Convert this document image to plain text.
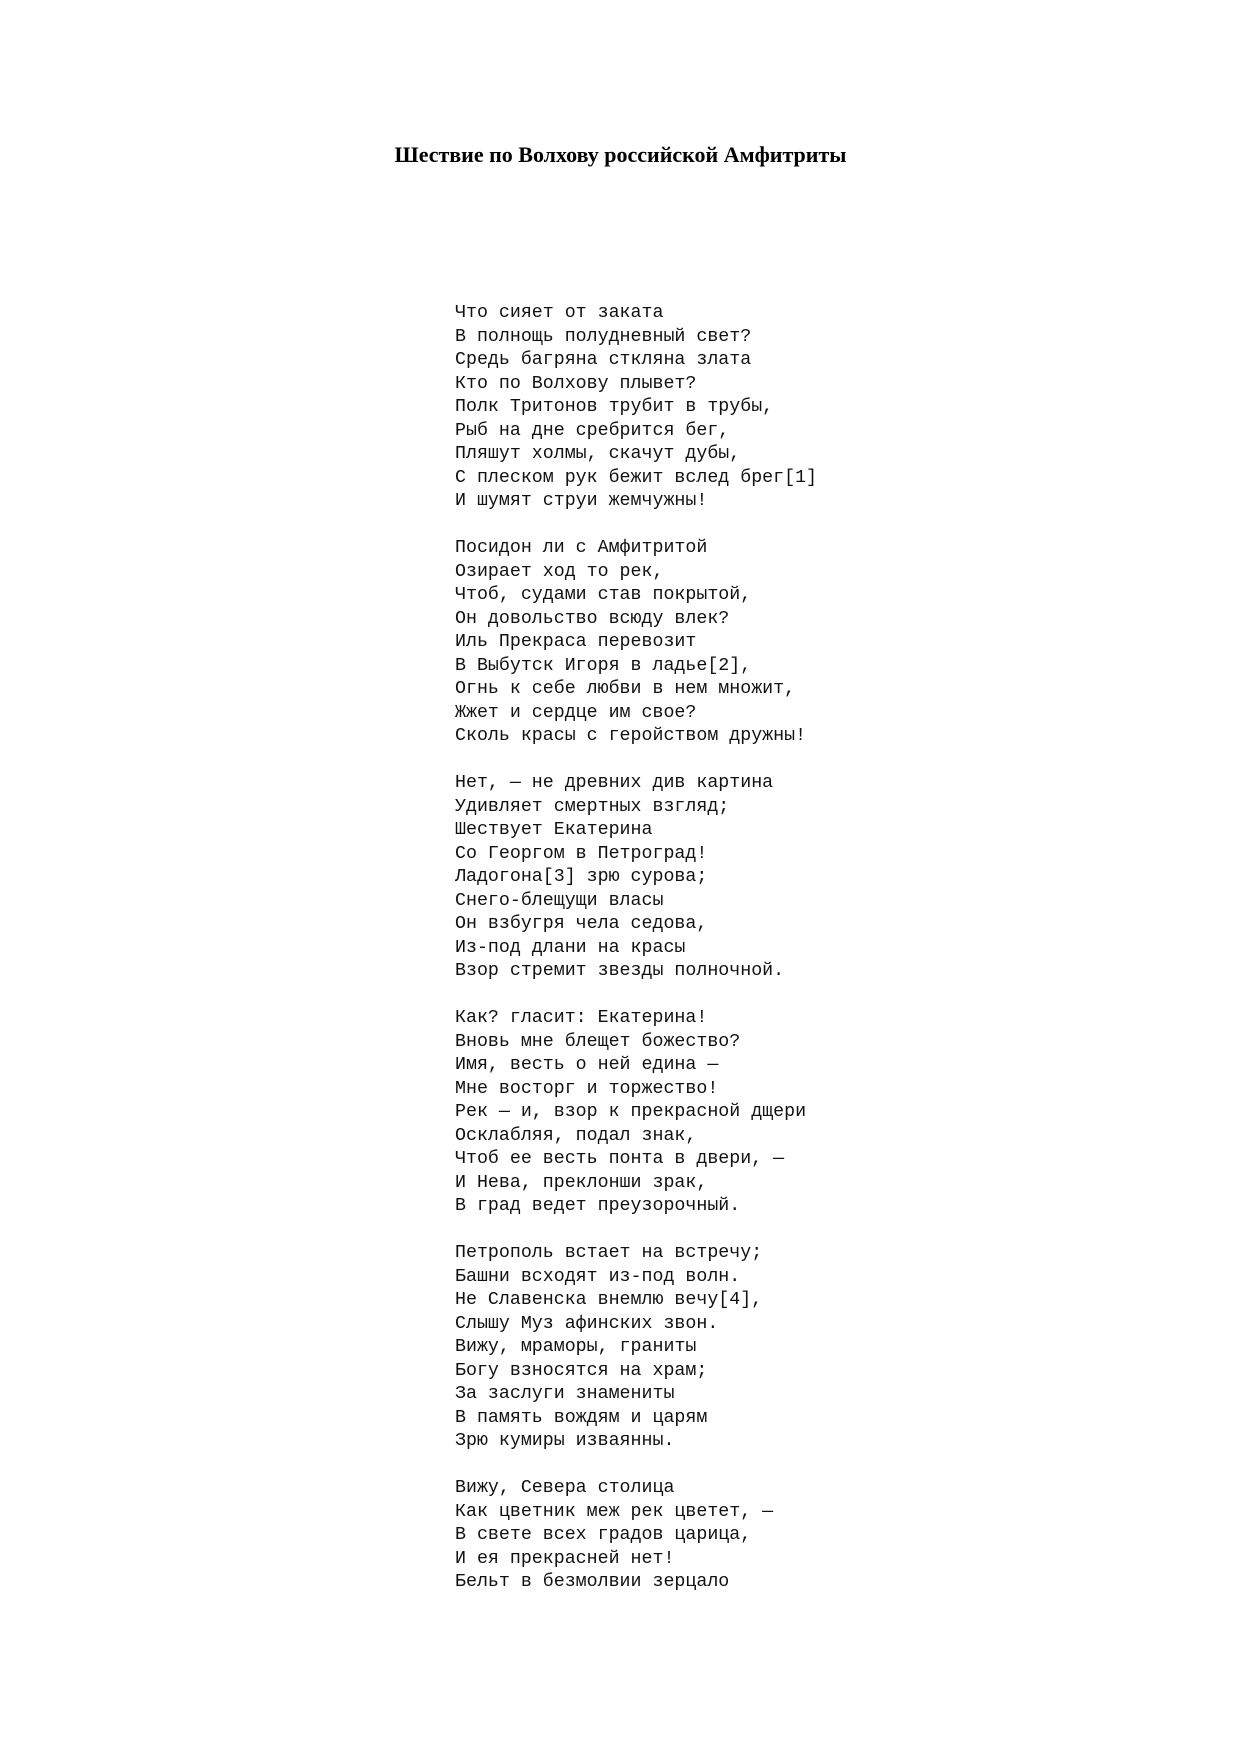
Шествие по Волхову российской Амфитриты
Что сияет от заката
В полнощь полудневный свет?
Средь багряна стклянa злата
Кто по Волхову плывет?
Полк Тритонов трубит в трубы,
Рыб на дне сребрится бег,
Пляшут холмы, скачут дубы,
С плеском рук бежит вслед брег[1]
И шумят струи жемчужны!
Посидон ли с Амфитритой
Озирает ход то рек,
Чтоб, судами став покрытой,
Он довольство всюду влек?
Иль Прекраса перевозит
В Выбутск Игоря в ладье[2],
Огнь к себе любви в нем множит,
Жжет и сердце им свое?
Сколь красы с геройством дружны!
Нет, — не древних див картина
Удивляет смертных взгляд;
Шествует Екатерина
Со Георгом в Петроград!
Ладогона[3] зрю сурова;
Снего-блещущи власы
Он взбугря чела седова,
Из-под длани на красы
Взор стремит звезды полночной.
Как? гласит: Екатерина!
Вновь мне блещет божество?
Имя, весть о ней едина —
Мне восторг и торжество!
Рек — и, взор к прекрасной дщери
Осклабляя, подал знак,
Чтоб ее весть понта в двери, —
И Нева, преклонши зрак,
В град ведет преузорочный.
Петрополь встает на встречу;
Башни всходят из-под волн.
Не Славенска внемлю вечу[4],
Слышу Муз афинских звон.
Вижу, мраморы, граниты
Богу взносятся на храм;
За заслуги знамениты
В память вождям и царям
Зрю кумиры изваянны.
Вижу, Севера столица
Как цветник меж рек цветет, —
В свете всех градов царица,
И ея прекрасней нет!
Бельт в безмолвии зерцало
